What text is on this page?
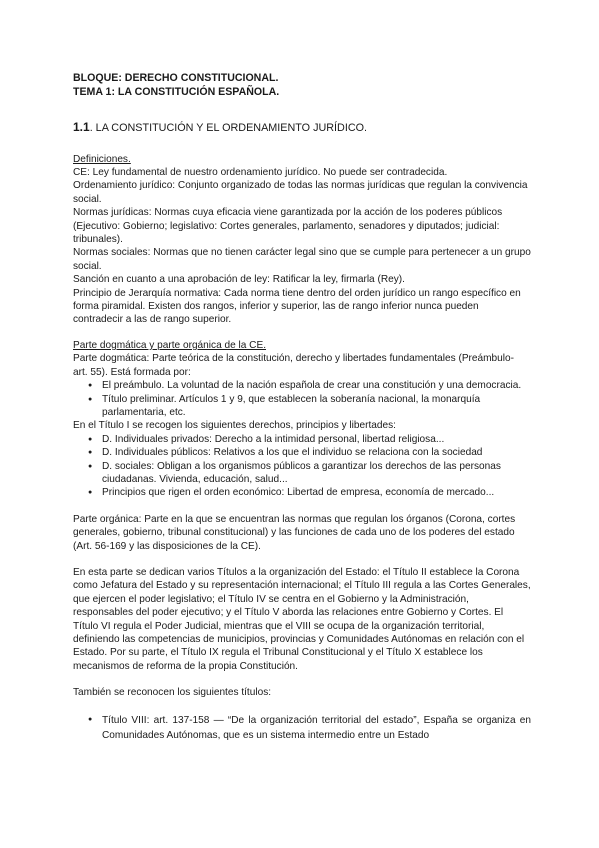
BLOQUE: DERECHO CONSTITUCIONAL.

TEMA 1: LA CONSTITUCIÓN ESPAÑOLA.

1.1. LA CONSTITUCIÓN Y EL ORDENAMIENTO JURÍDICO.

Definiciones.

CE: Ley fundamental de nuestro ordenamiento jurídico. No puede ser contradecida.

Ordenamiento jurídico: Conjunto organizado de todas las normas jurídicas que regulan la convivencia social.

Normas jurídicas: Normas cuya eficacia viene garantizada por la acción de los poderes públicos (Ejecutivo: Gobierno; legislativo: Cortes generales, parlamento, senadores y diputados; judicial: tribunales).

Normas sociales: Normas que no tienen carácter legal sino que se cumple para pertenecer a un grupo social.

Sanción en cuanto a una aprobación de ley: Ratificar la ley, firmarla (Rey).

Principio de Jerarquía normativa: Cada norma tiene dentro del orden jurídico un rango específico en forma piramidal. Existen dos rangos, inferior y superior, las de rango inferior nunca pueden contradecir a las de rango superior.

Parte dogmática y parte orgánica de la CE.

Parte dogmática: Parte teórica de la constitución, derecho y libertades fundamentales (Preámbulo- art. 55). Está formada por:

● El preámbulo. La voluntad de la nación española de crear una constitución y una democracia.
● Título preliminar. Artículos 1 y 9, que establecen la soberanía nacional, la monarquía parlamentaria, etc.

En el Título I se recogen los siguientes derechos, principios y libertades:

● D. Individuales privados: Derecho a la intimidad personal, libertad religiosa...
● D. Individuales públicos: Relativos a los que el individuo se relaciona con la sociedad
● D. sociales: Obligan a los organismos públicos a garantizar los derechos de las personas ciudadanas. Vivienda, educación, salud...
● Principios que rigen el orden económico: Libertad de empresa, economía de mercado...

Parte orgánica: Parte en la que se encuentran las normas que regulan los órganos (Corona, cortes generales, gobierno, tribunal constitucional) y las funciones de cada uno de los poderes del estado (Art. 56-169 y las disposiciones de la CE).

En esta parte se dedican varios Títulos a la organización del Estado: el Título II establece la Corona como Jefatura del Estado y su representación internacional; el Título III regula a las Cortes Generales, que ejercen el poder legislativo; el Título IV se centra en el Gobierno y la Administración, responsables del poder ejecutivo; y el Título V aborda las relaciones entre Gobierno y Cortes. El Título VI regula el Poder Judicial, mientras que el VIII se ocupa de la organización territorial, definiendo las competencias de municipios, provincias y Comunidades Autónomas en relación con el Estado. Por su parte, el Título IX regula el Tribunal Constitucional y el Título X establece los mecanismos de reforma de la propia Constitución.

También se reconocen los siguientes títulos:

● Título VIII: art. 137-158 — “De la organización territorial del estado”, España se organiza en Comunidades Autónomas, que es un sistema intermedio entre un Estado
